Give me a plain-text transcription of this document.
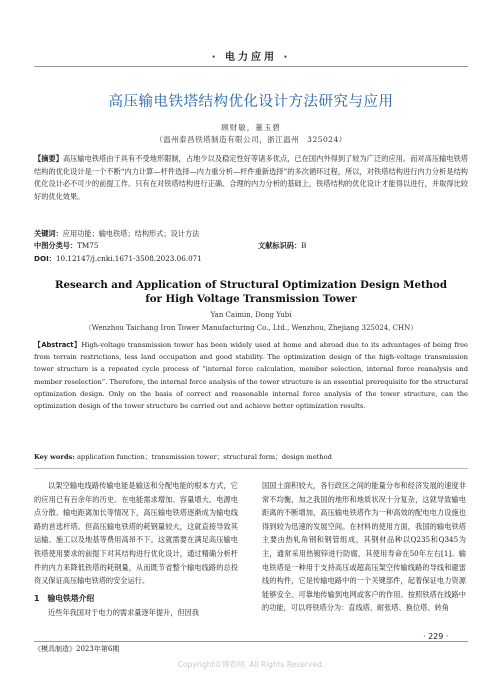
· 电力应用 ·
高压输电铁塔结构优化设计方法研究与应用
顾财敏，董玉碧
（温州泰昌铁塔制造有限公司，浙江温州　325024）
【摘要】高压输电铁塔由于具有不受地形限制，占地少以及稳定性好等诸多优点，已在国内外得到了较为广泛的应用。而对高压输电铁塔结构的优化设计是一个不断“内力计算—杆件选择—内力重分析—杆件重新选择”的多次循环过程，所以，对铁塔结构进行内力分析是结构优化设计必不可少的前提工作。只有在对铁塔结构进行正确、合理的内力分析的基础上，铁塔结构的优化设计才能得以进行，并取得比较好的优化效果。
关键词：应用功能；输电铁塔；结构形式；设计方法
中图分类号：TM75	文献标识码：B
DOI：10.12147/j.cnki.1671-3508.2023.06.071
Research and Application of Structural Optimization Design Method
for High Voltage Transmission Tower
Yan Caimin, Dong Yubi
（Wenzhou Taichang Iron Tower Manufacturing Co., Ltd., Wenzhou, Zhejiang 325024, CHN）
【Abstract】High-voltage transmission tower has been widely used at home and abroad due to its advantages of being free from terrain restrictions, less land occupation and good stability. The optimization design of the high-voltage transmission tower structure is a repeated cycle process of “internal force calculation, member selection, internal force reanalysis and member reselection”. Therefore, the internal force analysis of the tower structure is an essential prerequisite for the structural optimization design. Only on the basis of correct and reasonable internal force analysis of the tower structure, can the optimization design of the tower structure be carried out and achieve better optimization results.
Key words: application function；transmission tower；structural form；design method

以架空输电线路传输电能是输送和分配电能的根本方式，它的应用已有百余年的历史。在电能需求增加、容量增大、电源电点分散、输电距离加长等情况下，高压输电铁塔逐渐成为输电线路的首选杆塔。但高压输电铁塔的耗钢量较大，这就直接导致其运输、施工以及地基等费用高昂不下。这就需要在满足高压输电铁塔使用要求的前提下对其结构进行优化设计，通过精确分析杆件的内力来降低铁塔的耗钢量，从而既节省整个输电线路的总投资又保证高压输电铁塔的安全运行。

1 输电铁塔介绍

近些年我国对于电力的需求量逐年提升，但因我

国国土面积较大，各行政区之间的能量分布和经济发展的速度非常不均衡，加之我国的地形和地质状况十分复杂，这就导致输电距离的不断增加，高压输电铁塔作为一种高效的配电电力设施也得到较为迅速的发展空间。在材料的使用方面，我国的输电铁塔主要由热轧角钢和钢管组成，其钢材品种以Q235和Q345为主，通常采用热镀锌进行防腐，其使用寿命在50年左右[1]。输电铁塔是一种用于支持高压或超高压架空传输线路的导线和避雷线的构件，它是传输电路中的一个关键部件，起着保证电力资源能够安全、可靠地传输到电网或客户的作用。按照铁塔在线路中的功能，可以将铁塔分为：直线塔、耐张塔、换位塔、转角

《模具制造》2023年第6期
· 229 ·
Copyright©博看网. All Rights Reserved.
